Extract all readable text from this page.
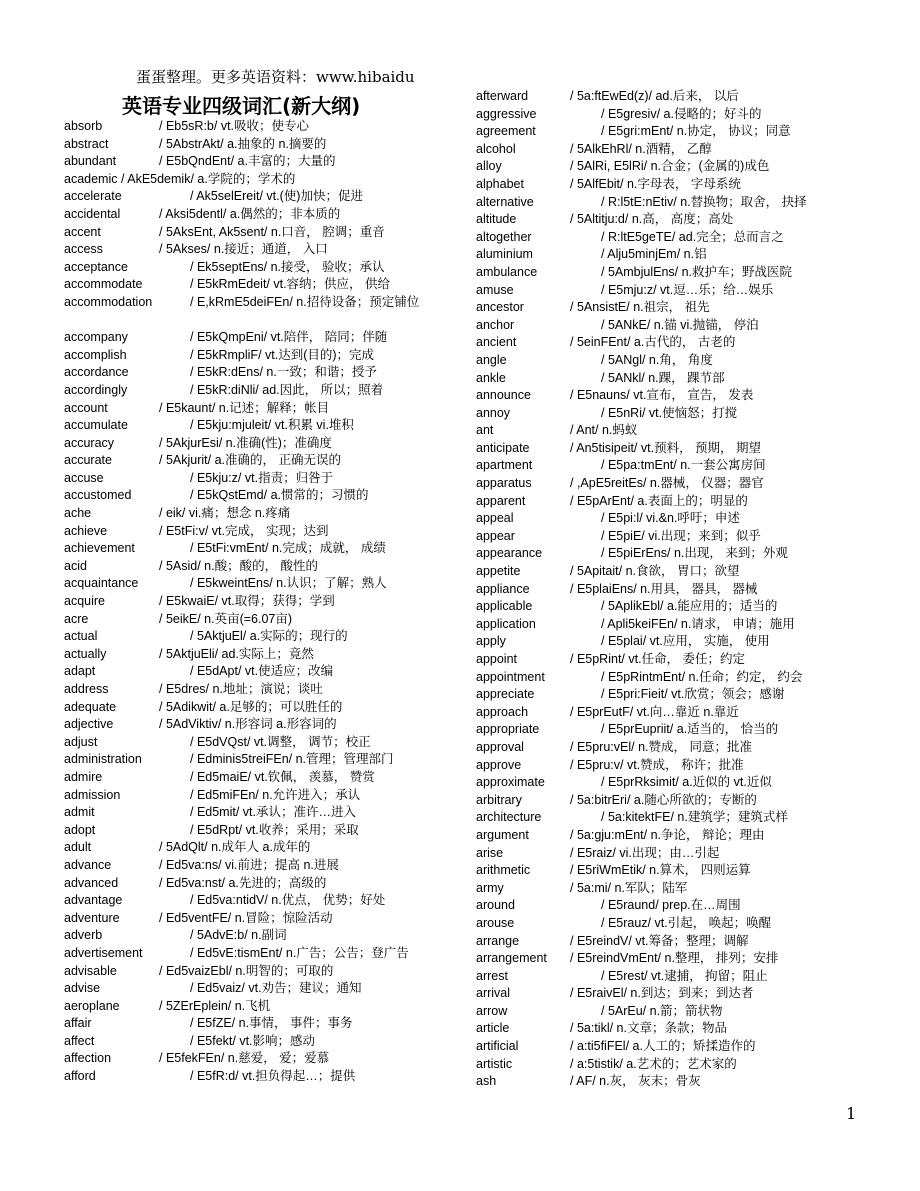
蛋蛋整理。更多英语资料：www.hibaidu
英语专业四级词汇(新大纲)
absorb	/ Eb5sR:b/ vt.吸收；使专心
abstract	/ 5AbstrAkt/ a.抽象的 n.摘要的
abundant	/ E5bQndEnt/ a.丰富的；大量的
academic / AkE5demik/ a.学院的；学术的
accelerate	/ Ak5selEreit/ vt.(使)加快；促进
accidental	/ Aksi5dentl/ a.偶然的；非本质的
accent	/ 5AksEnt, Ak5sent/ n.口音， 腔调；重音
access	/ 5Akses/ n.接近；通道， 入口
acceptance	/ Ek5septEns/ n.接受， 验收；承认
accommodate	/ E5kRmEdeit/ vt.容纳；供应， 供给
accommodation	/ E,kRmE5deiFEn/ n.招待设备；预定铺位
accompany	/ E5kQmpEni/ vt.陪伴， 陪同；伴随
accomplish	/ E5kRmpliF/ vt.达到(目的)；完成
accordance	/ E5kR:dEns/ n.一致；和谐；授予
accordingly	/ E5kR:diNli/ ad.因此， 所以；照着
account	/ E5kaunt/ n.记述；解释；帐目
accumulate	/ E5kju:mjuleit/ vt.积累 vi.堆积
accuracy	/ 5AkjurEsi/ n.准确(性)；准确度
accurate	/ 5Akjurit/ a.准确的， 正确无误的
accuse	/ E5kju:z/ vt.指责；归咎于
accustomed	/ E5kQstEmd/ a.惯常的；习惯的
ache	/ eik/ vi.痛；想念 n.疼痛
achieve	/ E5tFi:v/ vt.完成， 实现；达到
achievement	/ E5tFi:vmEnt/ n.完成；成就， 成绩
acid	/ 5Asid/ n.酸；酸的， 酸性的
acquaintance	/ E5kweintEns/ n.认识；了解；熟人
acquire	/ E5kwaiE/ vt.取得；获得；学到
acre	/ 5eikE/ n.英亩(=6.07亩)
actual	/ 5AktjuEl/ a.实际的；现行的
actually	/ 5AktjuEli/ ad.实际上；竟然
adapt	/ E5dApt/ vt.使适应；改编
address	/ E5dres/ n.地址；演说；谈吐
adequate	/ 5Adikwit/ a.足够的；可以胜任的
adjective	/ 5AdViktiv/ n.形容词 a.形容词的
adjust	/ E5dVQst/ vt.调整， 调节；校正
administration	/ Edminis5treiFEn/ n.管理；管理部门
admire	/ Ed5maiE/ vt.钦佩， 羡慕， 赞赏
admission	/ Ed5miFEn/ n.允许进入；承认
admit	/ Ed5mit/ vt.承认；准许…进入
adopt	/ E5dRpt/ vt.收养；采用；采取
adult	/ 5AdQlt/ n.成年人 a.成年的
advance	/ Ed5va:ns/ vi.前进；提高 n.进展
advanced	/ Ed5va:nst/ a.先进的；高级的
advantage	/ Ed5va:ntidV/ n.优点， 优势；好处
adventure	/ Ed5ventFE/ n.冒险；惊险活动
adverb	/ 5AdvE:b/ n.副词
advertisement	/ Ed5vE:tismEnt/ n.广告；公告；登广告
advisable	/ Ed5vaizEbl/ n.明智的；可取的
advise	/ Ed5vaiz/ vt.劝告；建议；通知
aeroplane	/ 5ZErEplein/ n.飞机
affair	/ E5fZE/ n.事情， 事件；事务
affect	/ E5fekt/ vt.影响；感动
affection	/ E5fekFEn/ n.慈爱， 爱；爱慕
afford	/ E5fR:d/ vt.担负得起…；提供
afterward	/ 5a:ftEwEd(z)/ ad.后来， 以后
aggressive	/ E5gresiv/ a.侵略的；好斗的
agreement	/ E5gri:mEnt/ n.协定， 协议；同意
alcohol	/ 5AlkEhRl/ n.酒精， 乙醇
alloy	/ 5AlRi, E5lRi/ n.合金；(金属的)成色
alphabet	/ 5AlfEbit/ n.字母表， 字母系统
alternative	/ R:l5tE:nEtiv/ n.替换物；取舍， 抉择
altitude	/ 5Altitju:d/ n.高， 高度；高处
altogether	/ R:ltE5geTE/ ad.完全；总而言之
aluminium	/ Alju5minjEm/ n.铝
ambulance	/ 5AmbjulEns/ n.救护车；野战医院
amuse	/ E5mju:z/ vt.逗…乐；给…娱乐
ancestor	/ 5AnsistE/ n.祖宗， 祖先
anchor	/ 5ANkE/ n.锚 vi.抛锚， 停泊
ancient	/ 5einFEnt/ a.古代的， 古老的
angle	/ 5ANgl/ n.角， 角度
ankle	/ 5ANkl/ n.踝， 踝节部
announce	/ E5nauns/ vt.宣布， 宣告， 发表
annoy	/ E5nRi/ vt.使恼怒；打搅
ant	/ Ant/ n.蚂蚁
anticipate	/ An5tisipeit/ vt.预料， 预期， 期望
apartment	/ E5pa:tmEnt/ n.一套公寓房间
apparatus	/ ,ApE5reitEs/ n.器械， 仪器；器官
apparent	/ E5pArEnt/ a.表面上的；明显的
appeal	/ E5pi:l/ vi.&n.呼吁；申述
appear	/ E5piE/ vi.出现；来到；似乎
appearance	/ E5piErEns/ n.出现， 来到；外观
appetite	/ 5Apitait/ n.食欲， 胃口；欲望
appliance	/ E5plaiEns/ n.用具， 器具， 器械
applicable	/ 5AplikEbl/ a.能应用的；适当的
application	/ Apli5keiFEn/ n.请求， 申请；施用
apply	/ E5plai/ vt.应用， 实施， 使用
appoint	/ E5pRint/ vt.任命， 委任；约定
appointment	/ E5pRintmEnt/ n.任命；约定， 约会
appreciate	/ E5pri:Fieit/ vt.欣赏；领会；感谢
approach	/ E5prEutF/ vt.向…靠近 n.靠近
appropriate	/ E5prEupriit/ a.适当的， 恰当的
approval	/ E5pru:vEl/ n.赞成， 同意；批准
approve	/ E5pru:v/ vt.赞成， 称许；批准
approximate	/ E5prRksimit/ a.近似的 vt.近似
arbitrary	/ 5a:bitrEri/ a.随心所欲的；专断的
architecture	/ 5a:kitektFE/ n.建筑学；建筑式样
argument	/ 5a:gju:mEnt/ n.争论， 辩论；理由
arise	/ E5raiz/ vi.出现；由…引起
arithmetic	/ E5riWmEtik/ n.算术， 四则运算
army	/ 5a:mi/ n.军队；陆军
around	/ E5raund/ prep.在…周围
arouse	/ E5rauz/ vt.引起， 唤起；唤醒
arrange	/ E5reindV/ vt.筹备；整理；调解
arrangement / E5reindVmEnt/ n.整理， 排列；安排
arrest	/ E5rest/ vt.逮捕， 拘留；阻止
arrival	/ E5raivEl/ n.到达；到来；到达者
arrow	/ 5ArEu/ n.箭；箭状物
article	/ 5a:tikl/ n.文章；条款；物品
artificial	/ a:ti5fiFEl/ a.人工的；矫揉造作的
artistic	/ a:5tistik/ a.艺术的；艺术家的
ash	/ AF/ n.灰， 灰末；骨灰
1
